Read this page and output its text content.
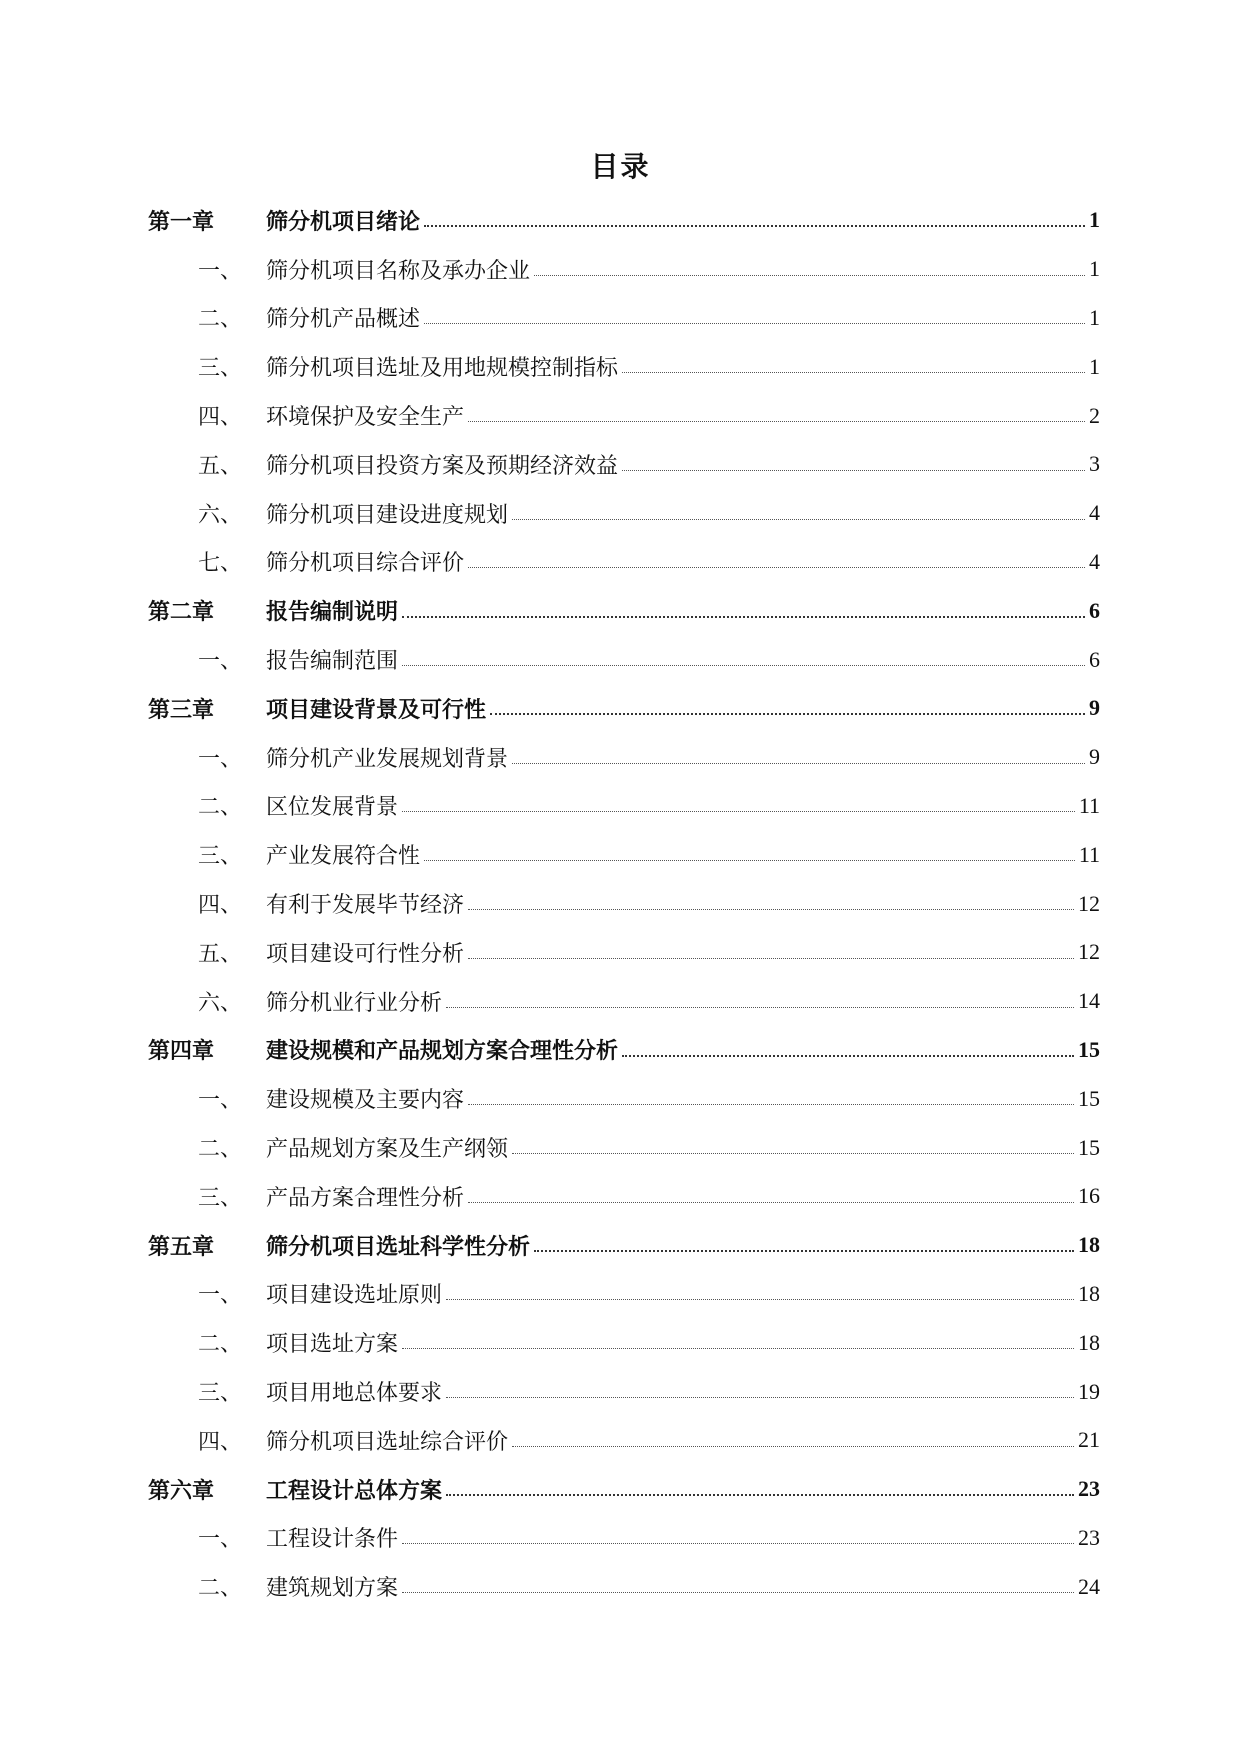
目录
第一章	筛分机项目绪论	1
一、	筛分机项目名称及承办企业	1
二、	筛分机产品概述	1
三、	筛分机项目选址及用地规模控制指标	1
四、	环境保护及安全生产	2
五、	筛分机项目投资方案及预期经济效益	3
六、	筛分机项目建设进度规划	4
七、	筛分机项目综合评价	4
第二章	报告编制说明	6
一、	报告编制范围	6
第三章	项目建设背景及可行性	9
一、	筛分机产业发展规划背景	9
二、	区位发展背景	11
三、	产业发展符合性	11
四、	有利于发展毕节经济	12
五、	项目建设可行性分析	12
六、	筛分机业行业分析	14
第四章	建设规模和产品规划方案合理性分析	15
一、	建设规模及主要内容	15
二、	产品规划方案及生产纲领	15
三、	产品方案合理性分析	16
第五章	筛分机项目选址科学性分析	18
一、	项目建设选址原则	18
二、	项目选址方案	18
三、	项目用地总体要求	19
四、	筛分机项目选址综合评价	21
第六章	工程设计总体方案	23
一、	工程设计条件	23
二、	建筑规划方案	24
